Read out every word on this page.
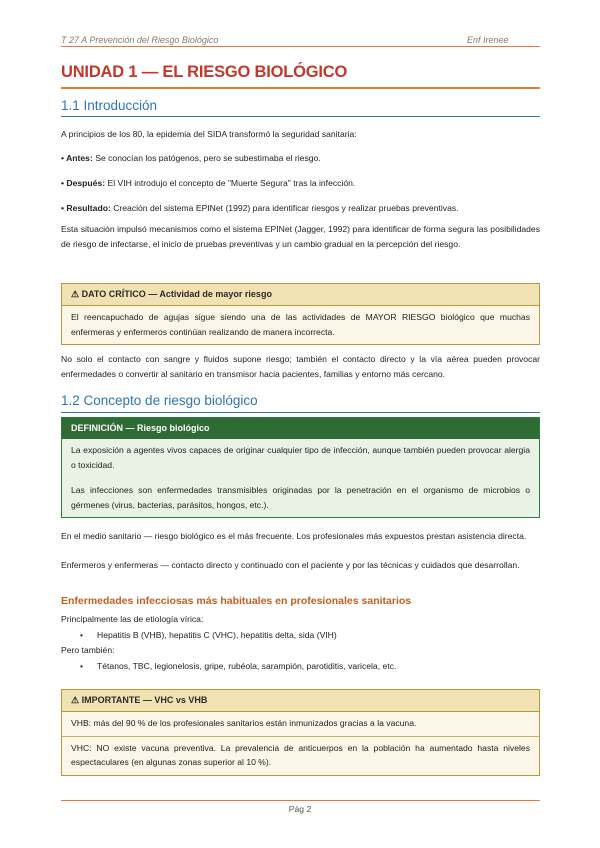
T 27 A Prevención del Riesgo Biológico	Enf Irenee
UNIDAD 1 — EL RIESGO BIOLÓGICO
1.1 Introducción

A principios de los 80, la epidemia del SIDA transformó la seguridad sanitaria:

• Antes: Se conocían los patógenos, pero se subestimaba el riesgo.

• Después: El VIH introdujo el concepto de "Muerte Segura" tras la infección.

• Resultado: Creación del sistema EPINet (1992) para identificar riesgos y realizar pruebas preventivas.

Esta situación impulsó mecanismos como el sistema EPINet (Jagger, 1992) para identificar de forma segura las posibilidades de riesgo de infectarse, el inicio de pruebas preventivas y un cambio gradual en la percepción del riesgo.

⚠ DATO CRÍTICO — Actividad de mayor riesgo
El reencapuchado de agujas sigue siendo una de las actividades de MAYOR RIESGO biológico que muchas enfermeras y enfermeros continúan realizando de manera incorrecta.

No solo el contacto con sangre y fluidos supone riesgo; también el contacto directo y la vía aérea pueden provocar enfermedades o convertir al sanitario en transmisor hacia pacientes, familias y entorno más cercano.

1.2 Concepto de riesgo biológico
DEFINICIÓN — Riesgo biológico
La exposición a agentes vivos capaces de originar cualquier tipo de infección, aunque también pueden provocar alergia o toxicidad.
Las infecciones son enfermedades transmisibles originadas por la penetración en el organismo de microbios o gérmenes (virus, bacterias, parásitos, hongos, etc.).

En el medio sanitario — riesgo biológico es el más frecuente. Los profesionales más expuestos prestan asistencia directa.

Enfermeros y enfermeras — contacto directo y continuado con el paciente y por las técnicas y cuidados que desarrollan.

Enfermedades infecciosas más habituales en profesionales sanitarios

Principalmente las de etiología vírica:

• Hepatitis B (VHB), hepatitis C (VHC), hepatitis delta, sida (VIH)

Pero también:

• Tétanos, TBC, legionelosis, gripe, rubéola, sarampión, parotiditis, varicela, etc.
⚠ IMPORTANTE — VHC vs VHB
VHB: más del 90 % de los profesionales sanitarios están inmunizados gracias a la vacuna.
VHC: NO existe vacuna preventiva. La prevalencia de anticuerpos en la población ha aumentado hasta niveles espectaculares (en algunas zonas superior al 10 %).
Pág 2
